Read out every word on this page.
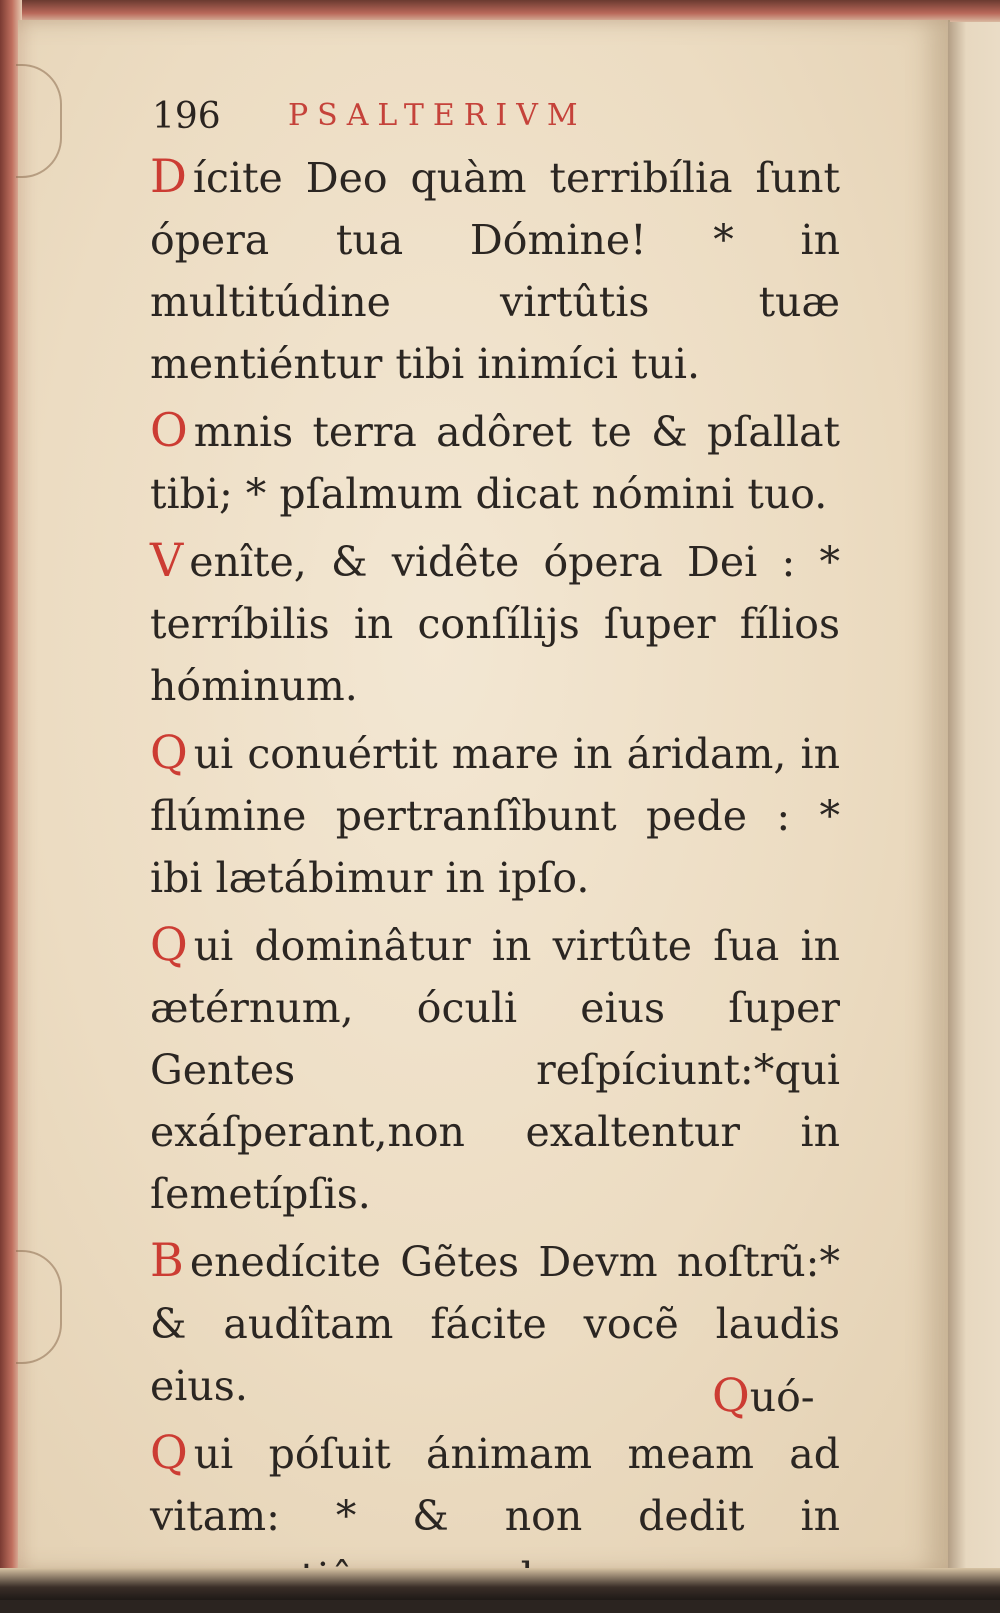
196 PSALTERIVM

D ícite Deo quàm terribília ſunt ópera tua Dómine! * in multitúdine virtûtis tuæ mentiéntur tibi inimíci tui.

O mnis terra adôret te & pſallat tibi; * pſalmum dicat nómini tuo.

V enîte, & vidête ópera Dei : * terríbilis in conſílijs ſuper fílios hóminum.

Q ui conuértit mare in áridam, in flúmine pertranſîbunt pede : * ibi lætábimur in ipſo.

Q ui dominâtur in virtûte ſua in ætérnum, óculi eius ſuper Gentes reſpíciunt:*qui exáſperant,non exaltentur in ſemetípſis.

B enedícite Gẽtes Devm noſtrũ:* & audîtam fácite vocẽ laudis eius.

Q ui póſuit ánimam meam ad vitam: * & non dedit in

Quó-
